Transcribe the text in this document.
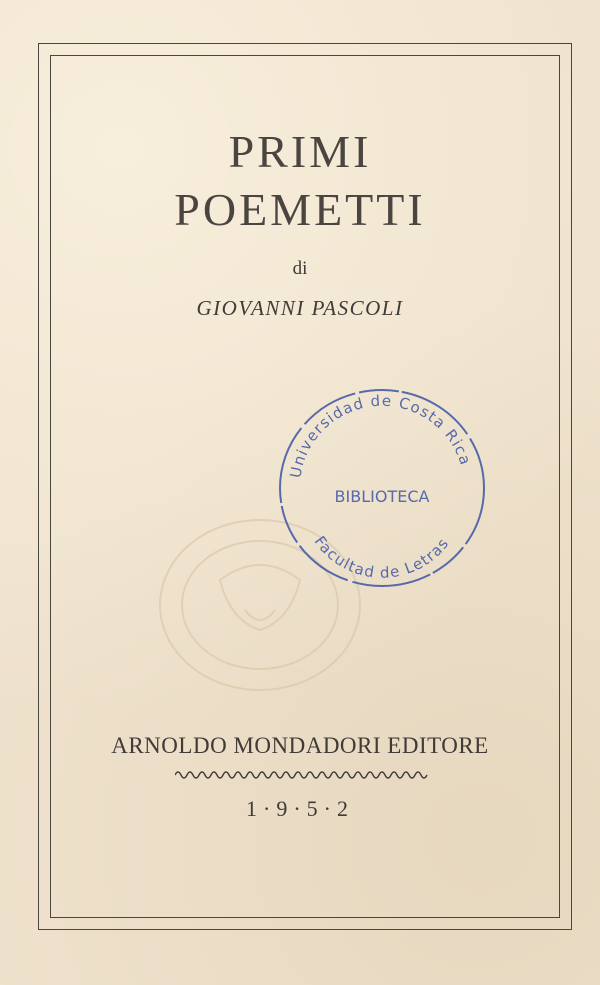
PRIMI
POEMETTI

di

GIOVANNI PASCOLI

Universidad de Costa Rica
BIBLIOTECA
Facultad de Letras

ARNOLDO MONDADORI EDITORE

1·9·5·2
